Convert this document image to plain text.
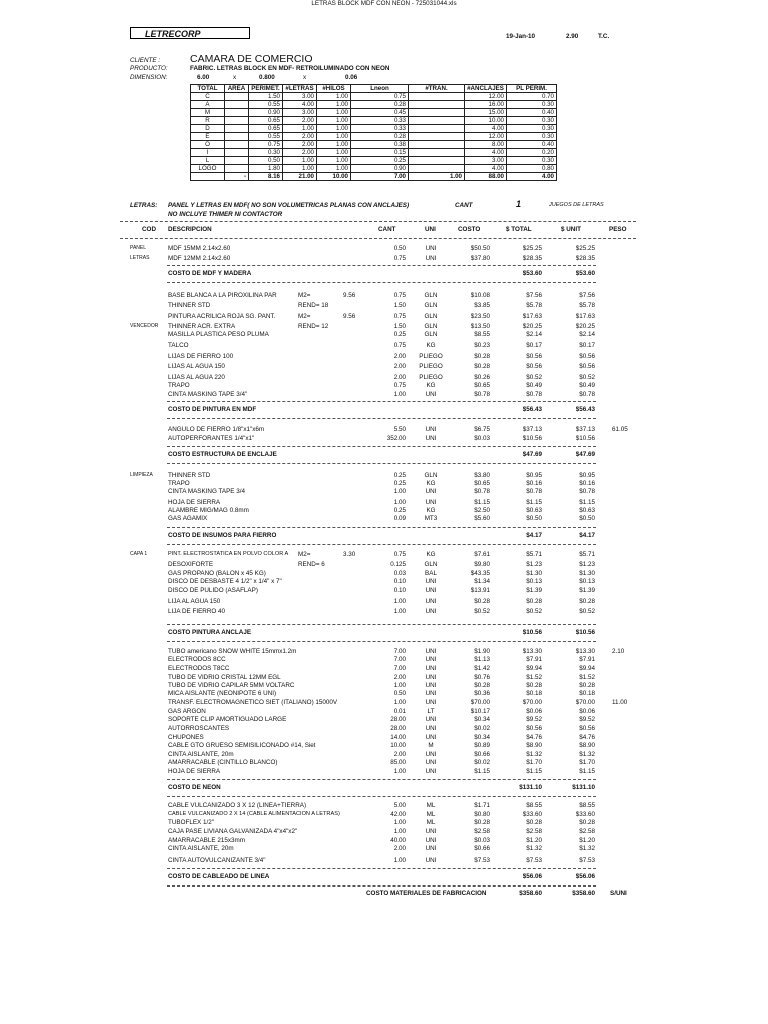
LETRAS BLOCK MDF CON NEON - 725031044.xls
LETRECORP	19-Jan-10	2.90	T.C.
CLIENTE :	CAMARA DE COMERCIO
PRODUCTO:	FABRIC. LETRAS BLOCK EN MDF- RETROILUMINADO CON NEON
DIMENSION:	6.00	x	0.800	x	0.06
TOTAL	AREA	PERIMET.	#LETRAS	#HILOS	Lneon	#TRAN.	#ANCLAJES	PL PERIM.
C		1.50	3.00	1.00	0.75		12.00	0.70
A		0.55	4.00	1.00	0.28		16.00	0.30
M		0.90	3.00	1.00	0.45		15.00	0.40
R		0.65	2.00	1.00	0.33		10.00	0.30
D		0.65	1.00	1.00	0.33		4.00	0.30
E		0.55	2.00	1.00	0.28		12.00	0.30
O		0.75	2.00	1.00	0.38		8.00	0.40
I		0.30	2.00	1.00	0.15		4.00	0.20
L		0.50	1.00	1.00	0.25		3.00	0.30
LOGO		1.80	1.00	1.00	0.90		4.00	0.80
	-	8.16	21.00	10.00	7.00	1.00	88.00	4.00
LETRAS: PANEL Y LETRAS EN MDF( NO SON VOLUMETRICAS PLANAS CON ANCLAJES)
NO INCLUYE THIMER NI CONTACTOR
CANT	1	JUEGOS DE LETRAS
COD DESCRIPCION	CANT	UNI	COSTO	$ TOTAL	$ UNIT	PESO
PANEL	MDF 15MM 2.14x2.60	0.50	UNI	$50.50	$25.25	$25.25
LETRAS	MDF 12MM 2.14x2.60	0.75	UNI	$37.80	$28.35	$28.35
COSTO DE MDF Y MADERA	$53.60	$53.60
BASE BLANCA A LA PIROXILINA PAR	M2=	9.56	0.75	GLN	$10.08	$7.56	$7.56
THINNER STD	REND= 18	1.50	GLN	$3.85	$5.78	$5.78
PINTURA ACRILICA ROJA SG. PANT.	M2=	9.56	0.75	GLN	$23.50	$17.63	$17.63
VENCEDOR THINNER ACR. EXTRA	REND= 12	1.50	GLN	$13.50	$20.25	$20.25
MASILLA PLASTICA PESO PLUMA	0.25	GLN	$8.55	$2.14	$2.14
TALCO	0.75	KG	$0.23	$0.17	$0.17
LIJAS DE FIERRO 100	2.00	PLIEGO	$0.28	$0.56	$0.56
LIJAS AL AGUA 150	2.00	PLIEGO	$0.28	$0.56	$0.56
LIJAS AL AGUA 220	2.00	PLIEGO	$0.26	$0.52	$0.52
TRAPO	0.75	KG	$0.65	$0.49	$0.49
CINTA MASKING TAPE 3/4"	1.00	UNI	$0.78	$0.78	$0.78
COSTO DE PINTURA EN MDF	$56.43	$56.43
ANGULO DE FIERRO 1/8"x1"x6m	5.50	UNI	$6.75	$37.13	$37.13	61.05
AUTOPERFORANTES 1/4"x1"	352.00	UNI	$0.03	$10.56	$10.56
COSTO ESTRUCTURA DE ENCLAJE	$47.69	$47.69
LIMPIEZA THINNER STD	0.25	GLN	$3.80	$0.95	$0.95
TRAPO	0.25	KG	$0.65	$0.16	$0.16
CINTA MASKING TAPE 3/4	1.00	UNI	$0.78	$0.78	$0.78
HOJA DE SIERRA	1.00	UNI	$1.15	$1.15	$1.15
ALAMBRE MIG/MAG 0.8mm	0.25	KG	$2.50	$0.63	$0.63
GAS AGAMIX	0.09	MT3	$5.60	$0.50	$0.50
COSTO DE INSUMOS PARA FIERRO	$4.17	$4.17
CAPA 1	PINT. ELECTROSTATICA EN POLVO COLOR A M2=	3.30	0.75	KG	$7.61	$5.71	$5.71
DESOXIFORTE	REND= 6	0.125	GLN	$9.80	$1.23	$1.23
GAS PROPANO (BALON x 45 KG)	0.03	BAL	$43.35	$1.30	$1.30
DISCO DE DESBASTE 4 1/2" x 1/4" x 7"	0.10	UNI	$1.34	$0.13	$0.13
DISCO DE PULIDO (ASAFLAP)	0.10	UNI	$13.91	$1.39	$1.39
LIJA AL AGUA 150	1.00	UNI	$0.28	$0.28	$0.28
LIJA DE FIERRO 40	1.00	UNI	$0.52	$0.52	$0.52
COSTO PINTURA ANCLAJE	$10.56	$10.56
TUBO americano SNOW WHITE 15mmx1.2m	7.00	UNI	$1.90	$13.30	$13.30	2.10
ELECTRODOS 8CC	7.00	UNI	$1.13	$7.91	$7.91
ELECTRODOS T8CC	7.00	UNI	$1.42	$9.94	$9.94
TUBO DE VIDRIO CRISTAL 12MM EGL	2.00	UNI	$0.76	$1.52	$1.52
TUBO DE VIDRIO CAPILAR 5MM VOLTARC	1.00	UNI	$0.28	$0.28	$0.28
MICA AISLANTE (NEONIPOTE 6 UNI)	0.50	UNI	$0.36	$0.18	$0.18
TRANSF. ELECTROMAGNETICO SIET (ITALIANO) 15000V	1.00	UNI	$70.00	$70.00	$70.00	11.00
GAS ARGON	0.01	LT	$10.17	$0.06	$0.06
SOPORTE CLIP AMORTIGUADO LARGE	28.00	UNI	$0.34	$9.52	$9.52
AUTORROSCANTES	28.00	UNI	$0.02	$0.56	$0.56
CHUPONES	14.00	UNI	$0.34	$4.76	$4.76
CABLE GTO GRUESO SEMISILICONADO #14, Siet	10.00	M	$0.89	$8.90	$8.90
CINTA AISLANTE, 20m	2.00	UNI	$0.66	$1.32	$1.32
AMARRACABLE (CINTILLO BLANCO)	85.00	UNI	$0.02	$1.70	$1.70
HOJA DE SIERRA	1.00	UNI	$1.15	$1.15	$1.15
COSTO DE NEON	$131.10	$131.10
CABLE VULCANIZADO 3 X 12 (LINEA+TIERRA)	5.00	ML	$1.71	$8.55	$8.55
CABLE VULCANIZADO 2 X 14 (CABLE ALIMENTACION A LETRAS)	42.00	ML	$0.80	$33.60	$33.60
TUBOFLEX 1/2"	1.00	ML	$0.28	$0.28	$0.28
CAJA PASE LIVIANA GALVANIZADA 4"x4"x2"	1.00	UNI	$2.58	$2.58	$2.58
AMARRACABLE 215x3mm	40.00	UNI	$0.03	$1.20	$1.20
CINTA AISLANTE, 20m	2.00	UNI	$0.66	$1.32	$1.32
CINTA AUTOVULCANIZANTE 3/4"	1.00	UNI	$7.53	$7.53	$7.53
COSTO DE CABLEADO DE LINEA	$56.06	$56.06
COSTO MATERIALES DE FABRICACION	$358.60	$358.60 S/UNI
